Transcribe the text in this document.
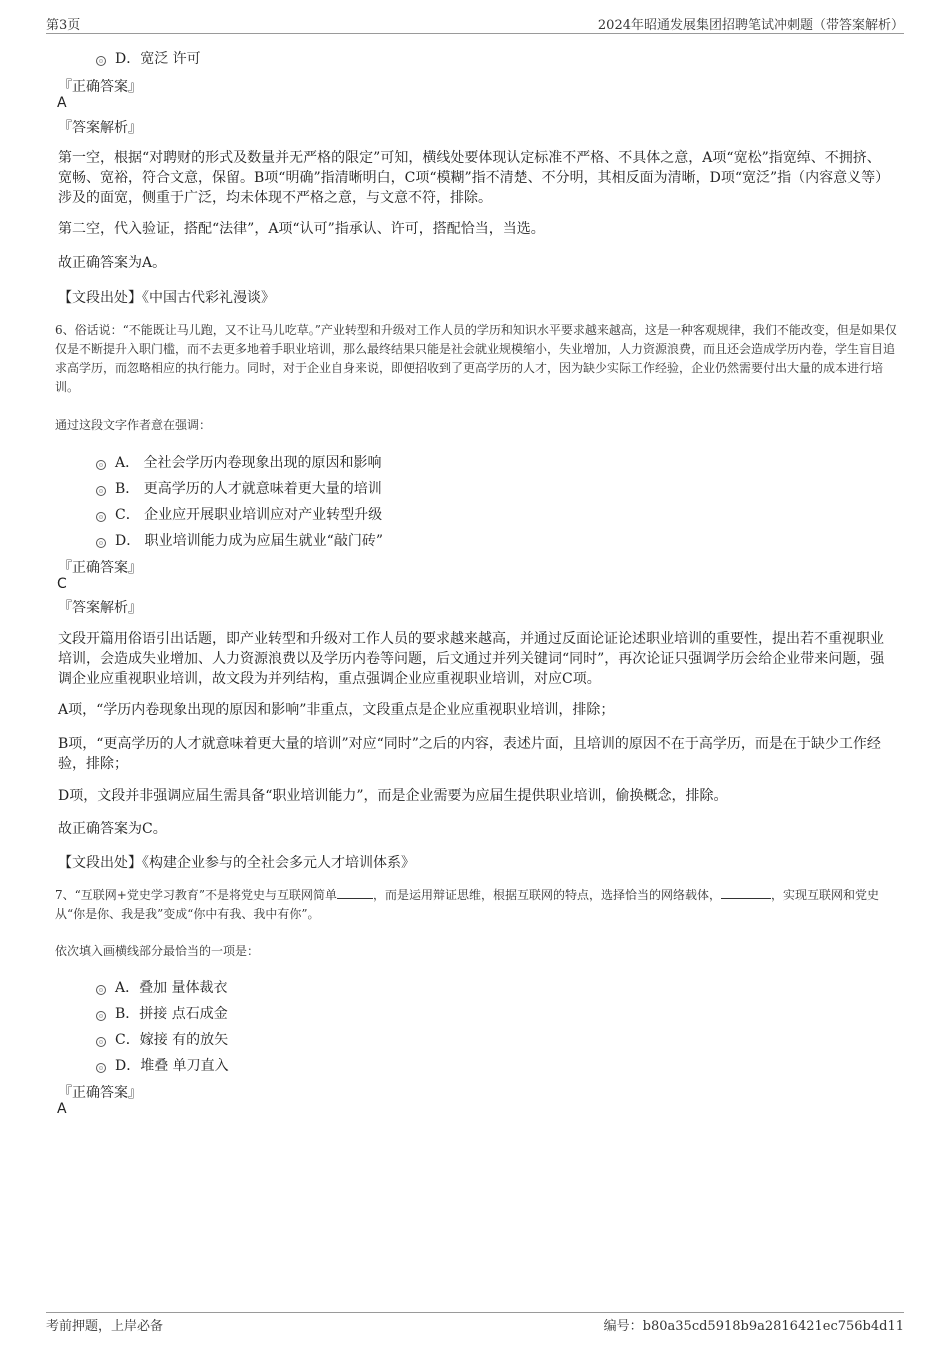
第3页	2024年昭通发展集团招聘笔试冲刺题（带答案解析）
D．宽泛 许可
『正确答案』
A
『答案解析』
第一空，根据“对聘财的形式及数量并无严格的限定”可知，横线处要体现认定标准不严格、不具体之意，A项“宽松”指宽绰、不拥挤、宽畅、宽裕，符合文意，保留。B项“明确”指清晰明白，C项“模糊”指不清楚、不分明，其相反面为清晰，D项“宽泛”指（内容意义等）涉及的面宽，侧重于广泛，均未体现不严格之意，与文意不符，排除。
第二空，代入验证，搭配“法律”，A项“认可”指承认、许可，搭配恰当，当选。
故正确答案为A。
【文段出处】《中国古代彩礼漫谈》
6、俗话说：“不能既让马儿跑，又不让马儿吃草。”产业转型和升级对工作人员的学历和知识水平要求越来越高，这是一种客观规律，我们不能改变，但是如果仅仅是不断提升入职门槛，而不去更多地着手职业培训，那么最终结果只能是社会就业规模缩小，失业增加，人力资源浪费，而且还会造成学历内卷，学生盲目追求高学历，而忽略相应的执行能力。同时，对于企业自身来说，即便招收到了更高学历的人才，因为缺少实际工作经验，企业仍然需要付出大量的成本进行培训。
通过这段文字作者意在强调：
A． 全社会学历内卷现象出现的原因和影响
B． 更高学历的人才就意味着更大量的培训
C． 企业应开展职业培训应对产业转型升级
D． 职业培训能力成为应届生就业“敲门砖”
『正确答案』
C
『答案解析』
文段开篇用俗语引出话题，即产业转型和升级对工作人员的要求越来越高，并通过反面论证论述职业培训的重要性，提出若不重视职业培训，会造成失业增加、人力资源浪费以及学历内卷等问题，后文通过并列关键词“同时”，再次论证只强调学历会给企业带来问题，强调企业应重视职业培训，故文段为并列结构，重点强调企业应重视职业培训，对应C项。
A项，“学历内卷现象出现的原因和影响”非重点，文段重点是企业应重视职业培训，排除；
B项，“更高学历的人才就意味着更大量的培训”对应“同时”之后的内容，表述片面，且培训的原因不在于高学历，而是在于缺少工作经验，排除；
D项，文段并非强调应届生需具备“职业培训能力”，而是企业需要为应届生提供职业培训，偷换概念，排除。
故正确答案为C。
【文段出处】《构建企业参与的全社会多元人才培训体系》
7、“互联网+党史学习教育”不是将党史与互联网简单	，而是运用辩证思维，根据互联网的特点，选择恰当的网络载体，	，实现互联网和党史从“你是你、我是我”变成“你中有我、我中有你”。
依次填入画横线部分最恰当的一项是：
A．叠加 量体裁衣
B．拼接 点石成金
C．嫁接 有的放矢
D．堆叠 单刀直入
『正确答案』
A
考前押题，上岸必备	编号：b80a35cd5918b9a2816421ec756b4d11
